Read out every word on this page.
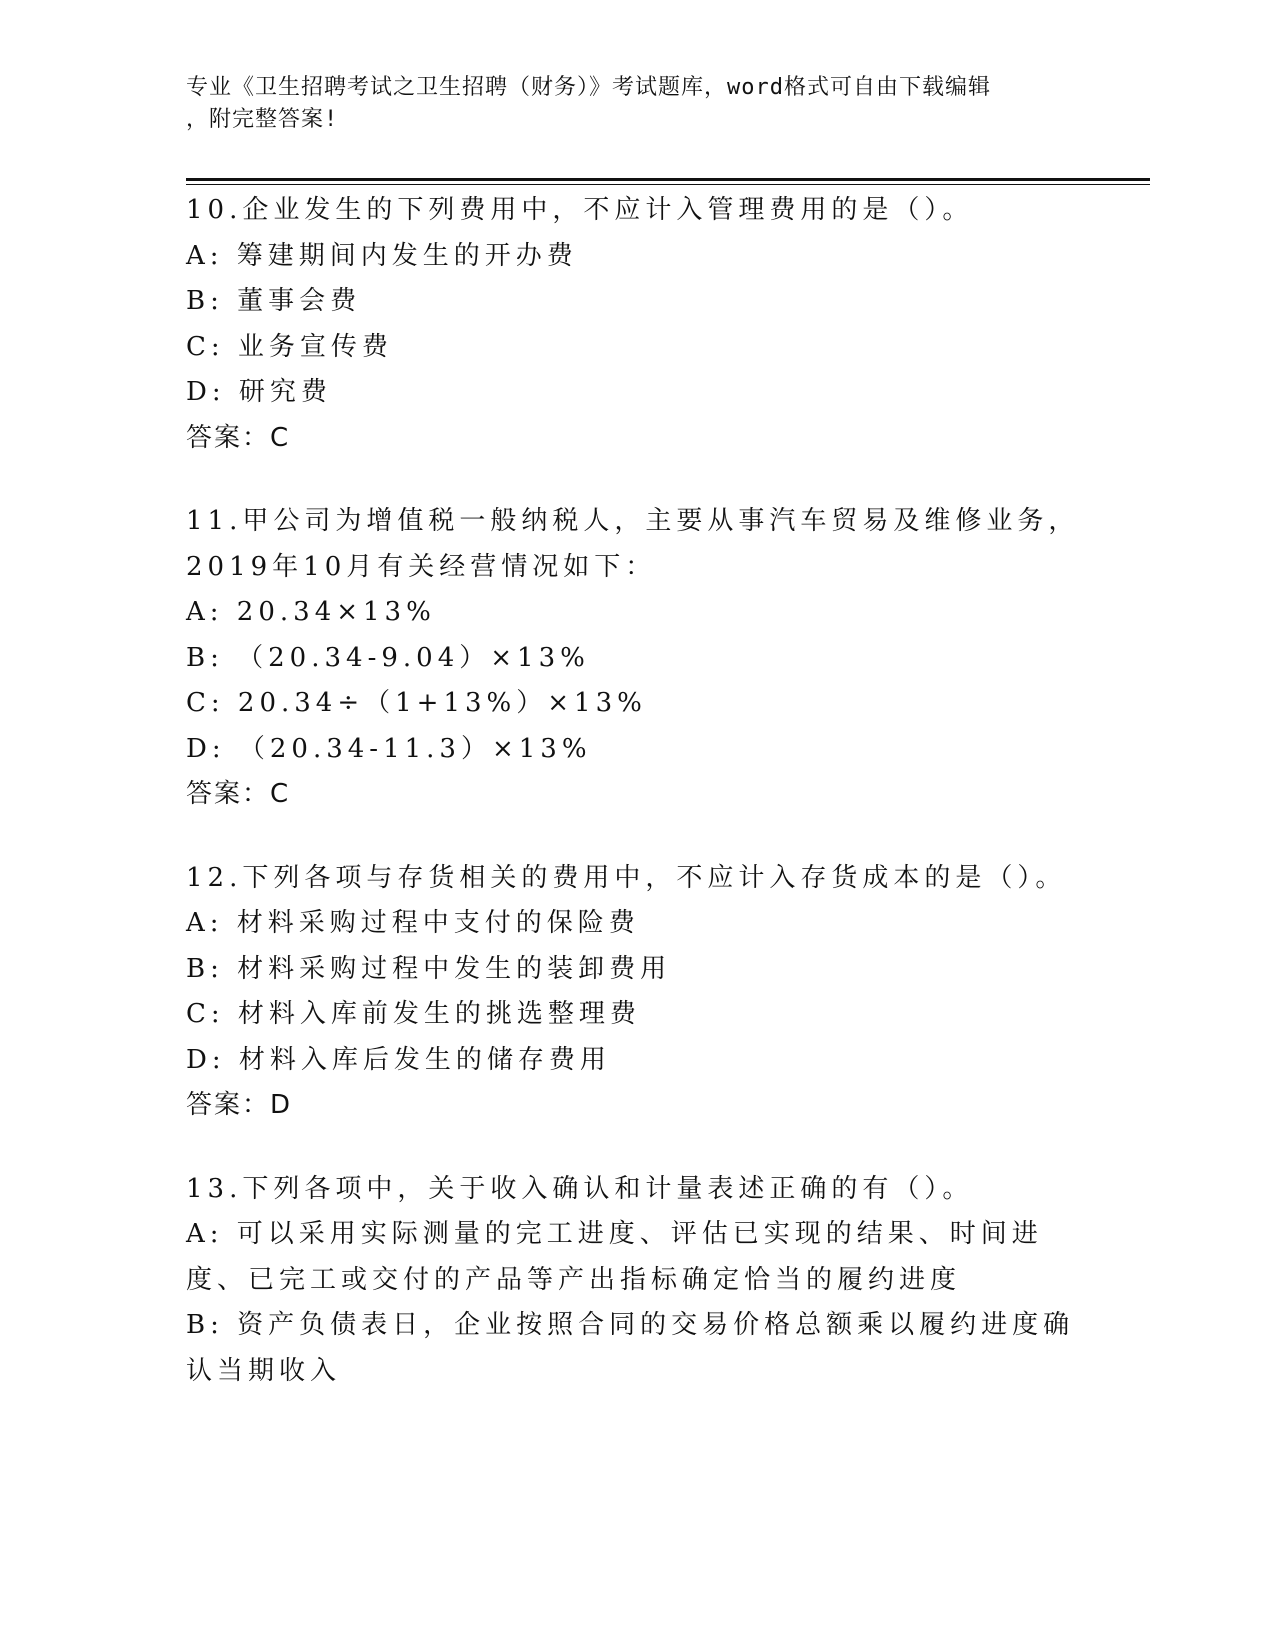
专业《卫生招聘考试之卫生招聘（财务）》考试题库，word格式可自由下载编辑
，附完整答案!
10.企业发生的下列费用中，不应计入管理费用的是（）。
A: 筹建期间内发生的开办费
B: 董事会费
C: 业务宣传费
D: 研究费
答案：C
11.甲公司为增值税一般纳税人，主要从事汽车贸易及维修业务，2019年10月有关经营情况如下：
A: 20.34×13%
B: （20.34-9.04）×13%
C: 20.34÷（1+13%）×13%
D: （20.34-11.3）×13%
答案：C
12.下列各项与存货相关的费用中，不应计入存货成本的是（）。
A: 材料采购过程中支付的保险费
B: 材料采购过程中发生的装卸费用
C: 材料入库前发生的挑选整理费
D: 材料入库后发生的储存费用
答案：D
13.下列各项中，关于收入确认和计量表述正确的有（）。
A: 可以采用实际测量的完工进度、评估已实现的结果、时间进度、已完工或交付的产品等产出指标确定恰当的履约进度
B: 资产负债表日，企业按照合同的交易价格总额乘以履约进度确认当期收入
